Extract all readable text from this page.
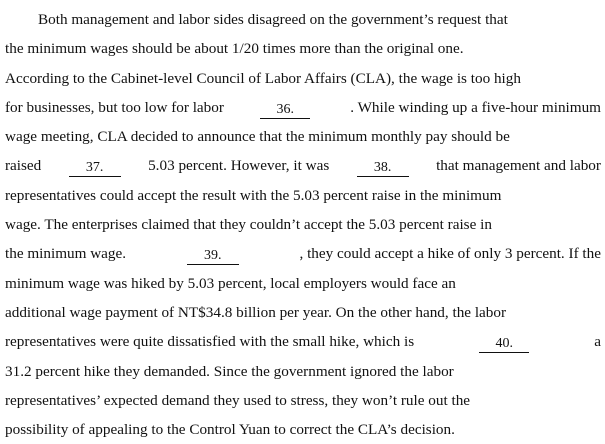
Both management and labor sides disagreed on the government’s request that
the minimum wages should be about 1/20 times more than the original one.
According to the Cabinet-level Council of Labor Affairs (CLA), the wage is too high
for businesses, but too low for labor	36.	. While winding up a five-hour minimum
wage meeting, CLA decided to announce that the minimum monthly pay should be
raised	37.	5.03 percent. However, it was	38.	that management and labor
representatives could accept the result with the 5.03 percent raise in the minimum
wage. The enterprises claimed that they couldn’t accept the 5.03 percent raise in
the minimum wage.	39.	, they could accept a hike of only 3 percent. If the
minimum wage was hiked by 5.03 percent, local employers would face an
additional wage payment of NT$34.8 billion per year. On the other hand, the labor
representatives were quite dissatisfied with the small hike, which is	40.	a
31.2 percent hike they demanded. Since the government ignored the labor
representatives’ expected demand they used to stress, they won’t rule out the
possibility of appealing to the Control Yuan to correct the CLA’s decision.
